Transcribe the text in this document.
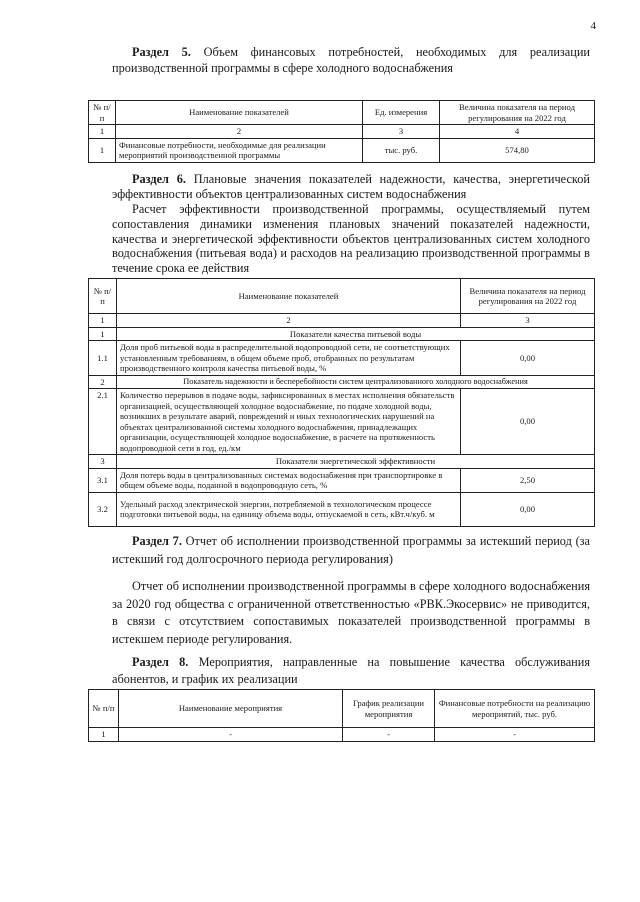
4
Раздел 5. Объем финансовых потребностей, необходимых для реализации производственной программы в сфере холодного водоснабжения
№ п/п	Наименование показателей	Ед. измерения	Величина показателя на период регулирования на 2022 год
1	2	3	4
1	Финансовые потребности, необходимые для реализации мероприятий производственной программы	тыс. руб.	574,80
Раздел 6. Плановые значения показателей надежности, качества, энергетической эффективности объектов централизованных систем водоснабжения
Расчет эффективности производственной программы, осуществляемый путем сопоставления динамики изменения плановых значений показателей надежности, качества и энергетической эффективности объектов централизованных систем холодного водоснабжения (питьевая вода) и расходов на реализацию производственной программы в течение срока ее действия
№ п/п	Наименование показателей	Величина показателя на период регулирования на 2022 год
1	2	3
1	Показатели качества питьевой воды	
1.1	Доля проб питьевой воды в распределительной водопроводной сети, не соответствующих установленным требованиям, в общем объеме проб, отобранных по результатам производственного контроля качества питьевой воды, %	0,00
2	Показатель надежности и бесперебойности систем централизованного холодного водоснабжения	
2.1	Количество перерывов в подаче воды, зафиксированных в местах исполнения обязательств организацией, осуществляющей холодное водоснабжение, по подаче холодной воды, возникших в результате аварий, повреждений и иных технологических нарушений на объектах централизованной системы холодного водоснабжения, принадлежащих организации, осуществляющей холодное водоснабжение, в расчете на протяженность водопроводной сети в год, ед./км	0,00
3	Показатели энергетической эффективности	
3.1	Доля потерь воды в централизованных системах водоснабжения при транспортировке в общем объеме воды, поданной в водопроводную сеть, %	2,50
3.2	Удельный расход электрической энергии, потребляемой в технологическом процессе подготовки питьевой воды, на единицу объема воды, отпускаемой в сеть, кВт.ч/куб. м	0,00
Раздел 7. Отчет об исполнении производственной программы за истекший период (за истекший год долгосрочного периода регулирования)
Отчет об исполнении производственной программы в сфере холодного водоснабжения за 2020 год общества с ограниченной ответственностью «РВК.Экосервис» не приводится, в связи с отсутствием сопоставимых показателей производственной программы в истекшем периоде регулирования.
Раздел 8. Мероприятия, направленные на повышение качества обслуживания абонентов, и график их реализации
№ п/п	Наименование мероприятия	График реализации мероприятия	Финансовые потребности на реализацию мероприятий, тыс. руб.
1	-	-	-
